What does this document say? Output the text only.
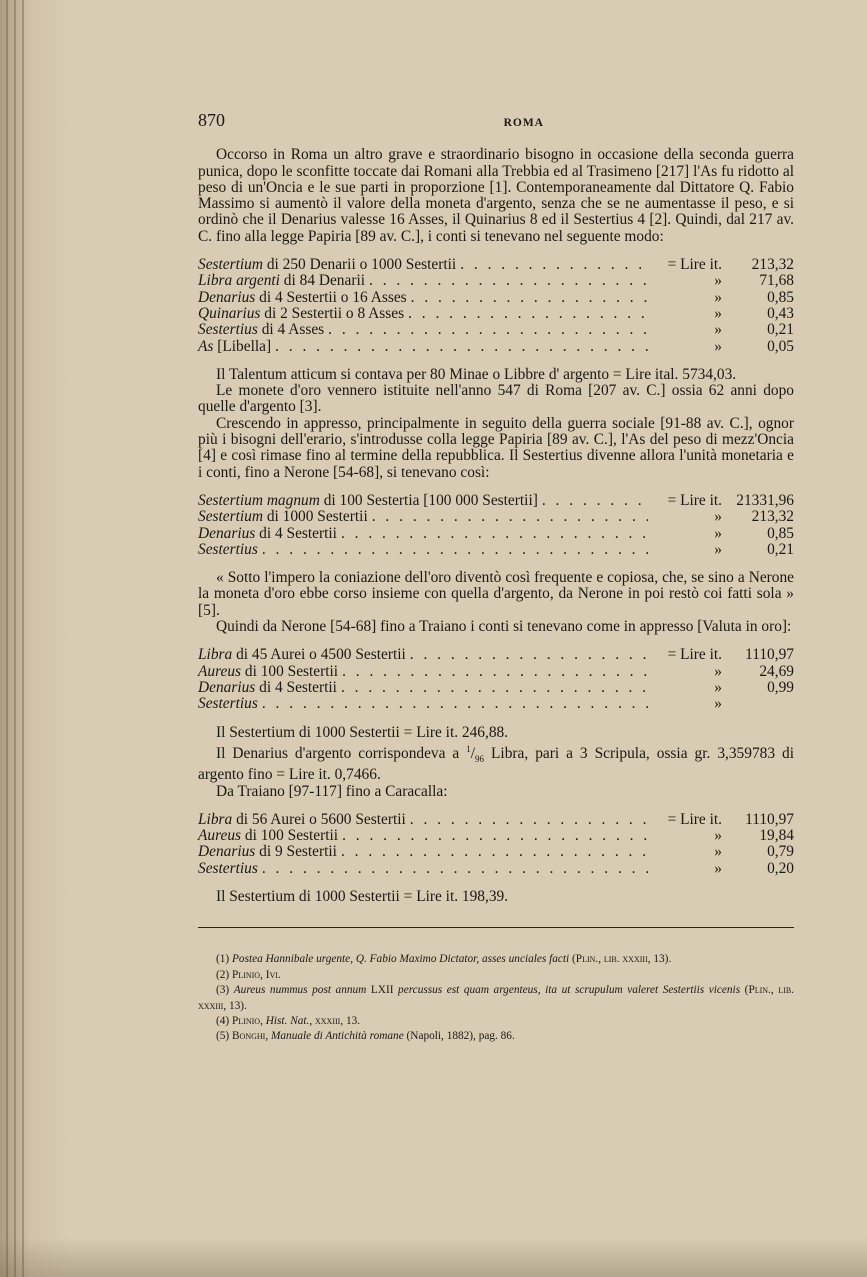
870	ROMA

Occorso in Roma un altro grave e straordinario bisogno in occasione della seconda guerra punica, dopo le sconfitte toccate dai Romani alla Trebbia ed al Trasimeno [217] l'As fu ridotto al peso di un'Oncia e le sue parti in proporzione [1]. Contemporaneamente dal Dittatore Q. Fabio Massimo si aumentò il valore della moneta d'argento, senza che se ne aumentasse il peso, e si ordinò che il Denarius valesse 16 Asses, il Quinarius 8 ed il Sestertius 4 [2]. Quindi, dal 217 av. C. fino alla legge Papiria [89 av. C.], i conti si tenevano nel seguente modo:

Sestertium di 250 Denarii o 1000 Sestertii . . .	= Lire it.	213,32
Libra argenti di 84 Denarii . . .	»	71,68
Denarius di 4 Sestertii o 16 Asses . . .	»	0,85
Quinarius di 2 Sestertii o 8 Asses . . .	»	0,43
Sestertius di 4 Asses . . .	»	0,21
As [Libella] . . .	»	0,05

Il Talentum atticum si contava per 80 Minae o Libbre d' argento = Lire ital. 5734,03.

Le monete d'oro vennero istituite nell'anno 547 di Roma [207 av. C.] ossia 62 anni dopo quelle d'argento [3].

Crescendo in appresso, principalmente in seguito della guerra sociale [91-88 av. C.], ognor più i bisogni dell'erario, s'introdusse colla legge Papiria [89 av. C.], l'As del peso di mezz'Oncia [4] e così rimase fino al termine della repubblica. Il Sestertius divenne allora l'unità monetaria e i conti, fino a Nerone [54-68], si tenevano così:

Sestertium magnum di 100 Sestertia [100 000 Sestertii] . . .	= Lire it. 21331,96
Sestertium di 1000 Sestertii . . .	»	213,32
Denarius di 4 Sestertii . . .	»	0,85
Sestertius . . .	»	0,21

« Sotto l'impero la coniazione dell'oro diventò così frequente e copiosa, che, se sino a Nerone la moneta d'oro ebbe corso insieme con quella d'argento, da Nerone in poi restò coi fatti sola » [5].

Quindi da Nerone [54-68] fino a Traiano i conti si tenevano come in appresso [Valuta in oro]:

Libra di 45 Aurei o 4500 Sestertii . . .	= Lire it.	1110,97
Aureus di 100 Sestertii . . .	»	24,69
Denarius di 4 Sestertii . . .	»	0,99
Sestertius . . .	»

Il Sestertium di 1000 Sestertii = Lire it. 246,88.

Il Denarius d'argento corrispondeva a $^1/_{96}$ Libra, pari a 3 Scripula, ossia gr. 3,359783 di argento fino = Lire it. 0,7466.

Da Traiano [97-117] fino a Caracalla:

Libra di 56 Aurei o 5600 Sestertii . . .	= Lire it.	1110,97
Aureus di 100 Sestertii . . .	»	19,84
Denarius di 9 Sestertii . . .	»	0,79
Sestertius . . .	»	0,20

Il Sestertium di 1000 Sestertii = Lire it. 198,39.

(1) Postea Hannibale urgente, Q. Fabio Maximo Dictator, asses unciales facti (Plin., lib. xxxiii, 13).

(2) Plinio, Ivi.

(3) Aureus nummus post annum LXII percussus est quam argenteus, ita ut scrupulum valeret Sestertiis vicenis (Plin., lib. xxxiii, 13).

(4) Plinio, Hist. Nat., xxxiii, 13.

(5) Bonghi, Manuale di Antichità romane (Napoli, 1882), pag. 86.
